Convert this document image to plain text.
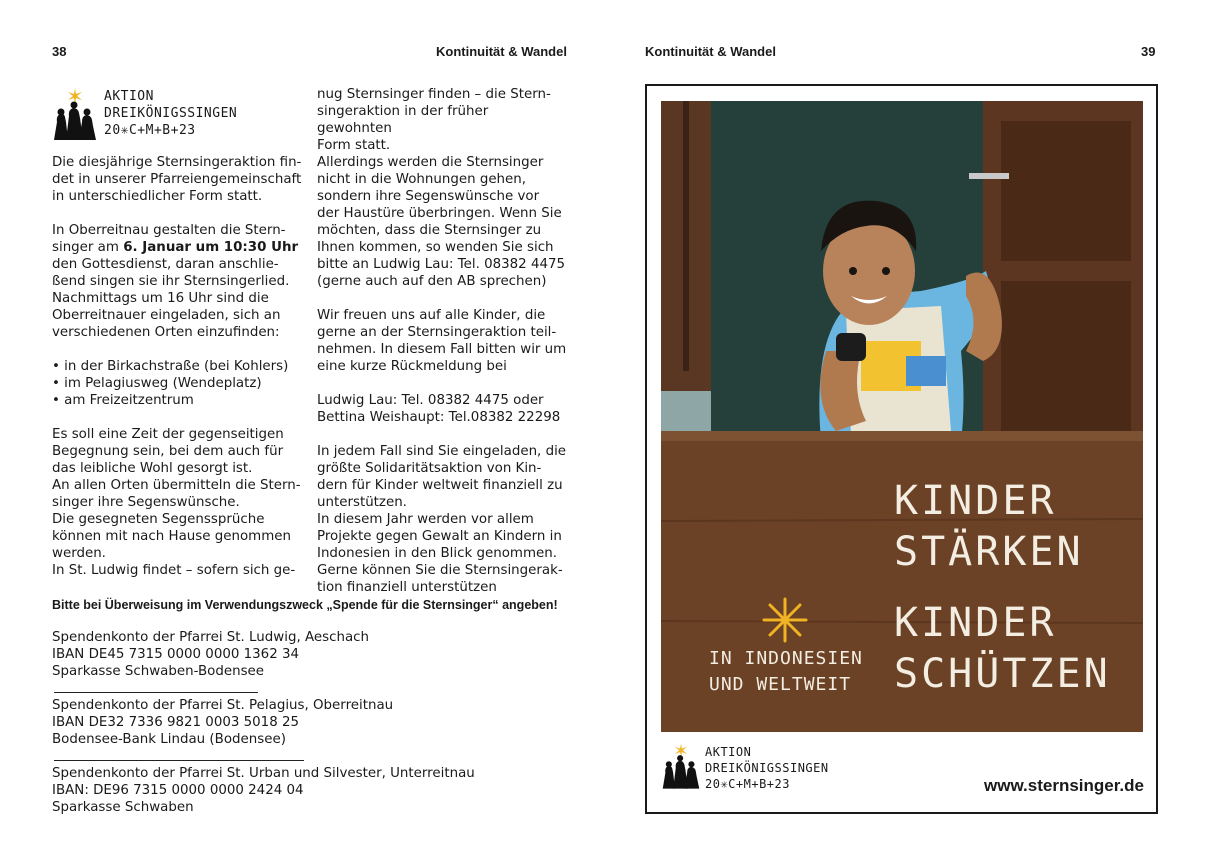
38	Kontinuität & Wandel
AKTION
DREIKÖNIGSSINGEN
20✳C+M+B+23

Die diesjährige Sternsingeraktion fin-

det in unserer Pfarreiengemeinschaft

in unterschiedlicher Form statt.

In Oberreitnau gestalten die Stern-

singer am 6. Januar um 10:30 Uhr

den Gottesdienst, daran anschlie-

ßend singen sie ihr Sternsingerlied.

Nachmittags um 16 Uhr sind die

Oberreitnauer eingeladen, sich an

verschiedenen Orten einzufinden:

• in der Birkachstraße (bei Kohlers)

• im Pelagiusweg (Wendeplatz)

• am Freizeitzentrum

Es soll eine Zeit der gegenseitigen

Begegnung sein, bei dem auch für

das leibliche Wohl gesorgt ist.

An allen Orten übermitteln die Stern-

singer ihre Segenswünsche.

Die gesegneten Segenssprüche

können mit nach Hause genommen

werden.

In St. Ludwig findet – sofern sich ge-

nug Sternsinger finden – die Stern-

singeraktion in der früher gewohnten

Form statt.

Allerdings werden die Sternsinger

nicht in die Wohnungen gehen,

sondern ihre Segenswünsche vor

der Haustüre überbringen. Wenn Sie

möchten, dass die Sternsinger zu

Ihnen kommen, so wenden Sie sich

bitte an Ludwig Lau: Tel. 08382 4475

(gerne auch auf den AB sprechen)

Wir freuen uns auf alle Kinder, die

gerne an der Sternsingeraktion teil-

nehmen. In diesem Fall bitten wir um

eine kurze Rückmeldung bei

Ludwig Lau: Tel. 08382 4475 oder

Bettina Weishaupt: Tel.08382 22298

In jedem Fall sind Sie eingeladen, die

größte Solidaritätsaktion von Kin-

dern für Kinder weltweit finanziell zu

unterstützen.

In diesem Jahr werden vor allem

Projekte gegen Gewalt an Kindern in

Indonesien in den Blick genommen.

Gerne können Sie die Sternsingerak-

tion finanziell unterstützen

Bitte bei Überweisung im Verwendungszweck „Spende für die Sternsinger“ angeben!

Spendenkonto der Pfarrei St. Ludwig, Aeschach

IBAN DE45 7315 0000 0000 1362 34

Sparkasse Schwaben-Bodensee

Spendenkonto der Pfarrei St. Pelagius, Oberreitnau

IBAN DE32 7336 9821 0003 5018 25

Bodensee-Bank Lindau (Bodensee)

Spendenkonto der Pfarrei St. Urban und Silvester, Unterreitnau

IBAN: DE96 7315 0000 0000 2424 04

Sparkasse Schwaben

Kontinuität & Wandel	39
KINDER
STÄRKEN
KINDER
SCHÜTZEN
IN INDONESIEN
UND WELTWEIT
AKTION
DREIKÖNIGSSINGEN
20✳C+M+B+23	www.sternsinger.de
